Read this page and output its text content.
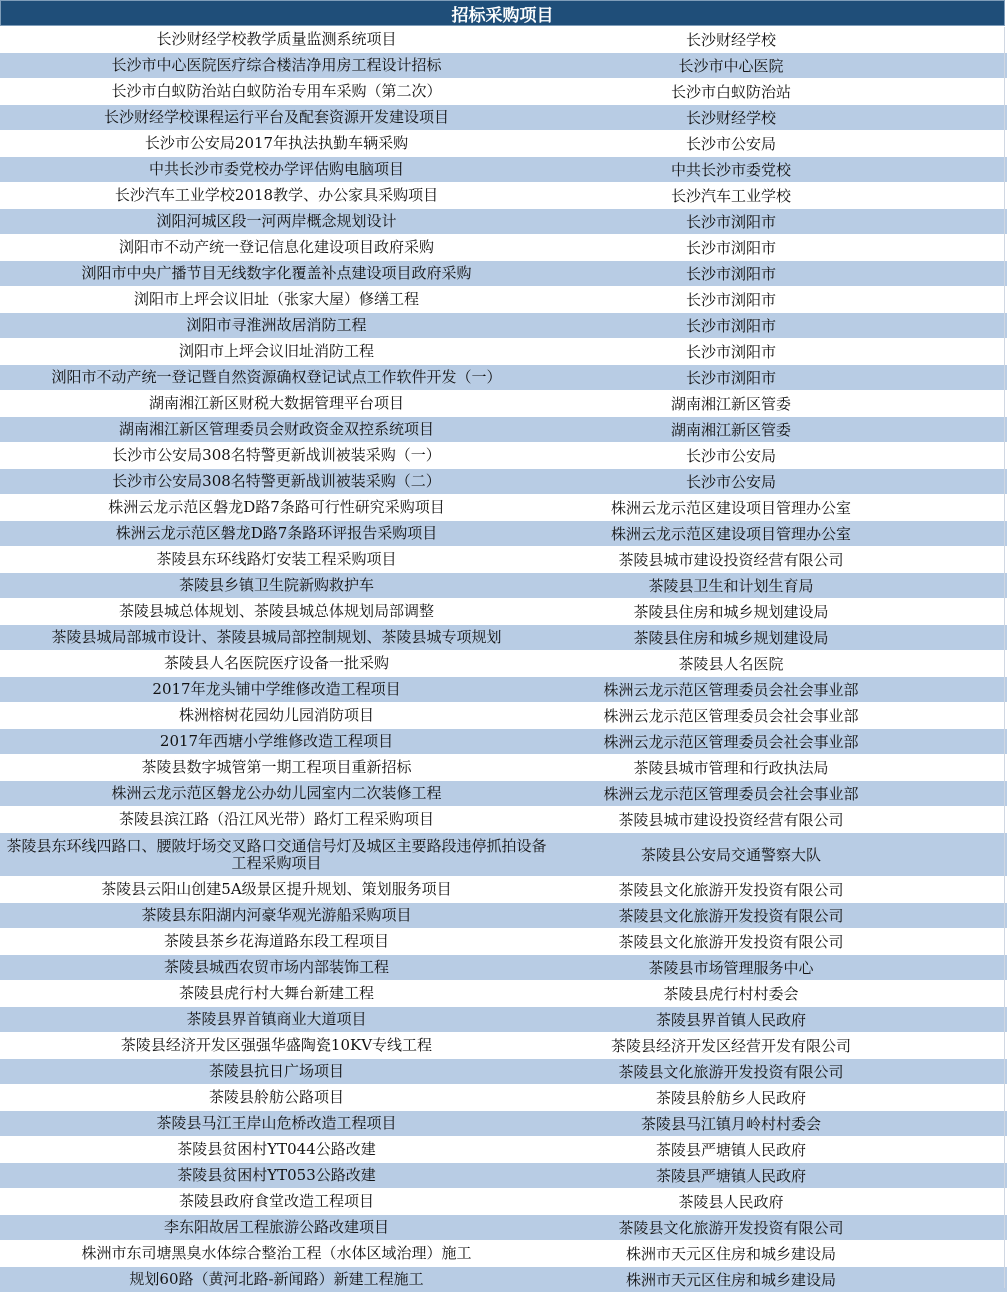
招标采购项目
长沙财经学校教学质量监测系统项目	长沙财经学校
长沙市中心医院医疗综合楼洁净用房工程设计招标	长沙市中心医院
长沙市白蚁防治站白蚁防治专用车采购（第二次）	长沙市白蚁防治站
长沙财经学校课程运行平台及配套资源开发建设项目	长沙财经学校
长沙市公安局2017年执法执勤车辆采购	长沙市公安局
中共长沙市委党校办学评估购电脑项目	中共长沙市委党校
长沙汽车工业学校2018教学、办公家具采购项目	长沙汽车工业学校
浏阳河城区段一河两岸概念规划设计	长沙市浏阳市
浏阳市不动产统一登记信息化建设项目政府采购	长沙市浏阳市
浏阳市中央广播节目无线数字化覆盖补点建设项目政府采购	长沙市浏阳市
浏阳市上坪会议旧址（张家大屋）修缮工程	长沙市浏阳市
浏阳市寻淮洲故居消防工程	长沙市浏阳市
浏阳市上坪会议旧址消防工程	长沙市浏阳市
浏阳市不动产统一登记暨自然资源确权登记试点工作软件开发（一）	长沙市浏阳市
湖南湘江新区财税大数据管理平台项目	湖南湘江新区管委
湖南湘江新区管理委员会财政资金双控系统项目	湖南湘江新区管委
长沙市公安局308名特警更新战训被装采购（一）	长沙市公安局
长沙市公安局308名特警更新战训被装采购（二）	长沙市公安局
株洲云龙示范区磐龙D路7条路可行性研究采购项目	株洲云龙示范区建设项目管理办公室
株洲云龙示范区磐龙D路7条路环评报告采购项目	株洲云龙示范区建设项目管理办公室
茶陵县东环线路灯安装工程采购项目	茶陵县城市建设投资经营有限公司
茶陵县乡镇卫生院新购救护车	茶陵县卫生和计划生育局
茶陵县城总体规划、茶陵县城总体规划局部调整	茶陵县住房和城乡规划建设局
茶陵县城局部城市设计、茶陵县城局部控制规划、茶陵县城专项规划	茶陵县住房和城乡规划建设局
茶陵县人名医院医疗设备一批采购	茶陵县人名医院
2017年龙头铺中学维修改造工程项目	株洲云龙示范区管理委员会社会事业部
株洲榕树花园幼儿园消防项目	株洲云龙示范区管理委员会社会事业部
2017年西塘小学维修改造工程项目	株洲云龙示范区管理委员会社会事业部
茶陵县数字城管第一期工程项目重新招标	茶陵县城市管理和行政执法局
株洲云龙示范区磐龙公办幼儿园室内二次装修工程	株洲云龙示范区管理委员会社会事业部
茶陵县滨江路（沿江风光带）路灯工程采购项目	茶陵县城市建设投资经营有限公司
茶陵县东环线四路口、腰陂圩场交叉路口交通信号灯及城区主要路段违停抓拍设备工程采购项目	茶陵县公安局交通警察大队
茶陵县云阳山创建5A级景区提升规划、策划服务项目	茶陵县文化旅游开发投资有限公司
茶陵县东阳湖内河豪华观光游船采购项目	茶陵县文化旅游开发投资有限公司
茶陵县茶乡花海道路东段工程项目	茶陵县文化旅游开发投资有限公司
茶陵县城西农贸市场内部装饰工程	茶陵县市场管理服务中心
茶陵县虎行村大舞台新建工程	茶陵县虎行村村委会
茶陵县界首镇商业大道项目	茶陵县界首镇人民政府
茶陵县经济开发区强强华盛陶瓷10KV专线工程	茶陵县经济开发区经营开发有限公司
茶陵县抗日广场项目	茶陵县文化旅游开发投资有限公司
茶陵县舲舫公路项目	茶陵县舲舫乡人民政府
茶陵县马江王岸山危桥改造工程项目	茶陵县马江镇月岭村村委会
茶陵县贫困村YT044公路改建	茶陵县严塘镇人民政府
茶陵县贫困村YT053公路改建	茶陵县严塘镇人民政府
茶陵县政府食堂改造工程项目	茶陵县人民政府
李东阳故居工程旅游公路改建项目	茶陵县文化旅游开发投资有限公司
株洲市东司塘黑臭水体综合整治工程（水体区域治理）施工	株洲市天元区住房和城乡建设局
规划60路（黄河北路-新闻路）新建工程施工	株洲市天元区住房和城乡建设局
